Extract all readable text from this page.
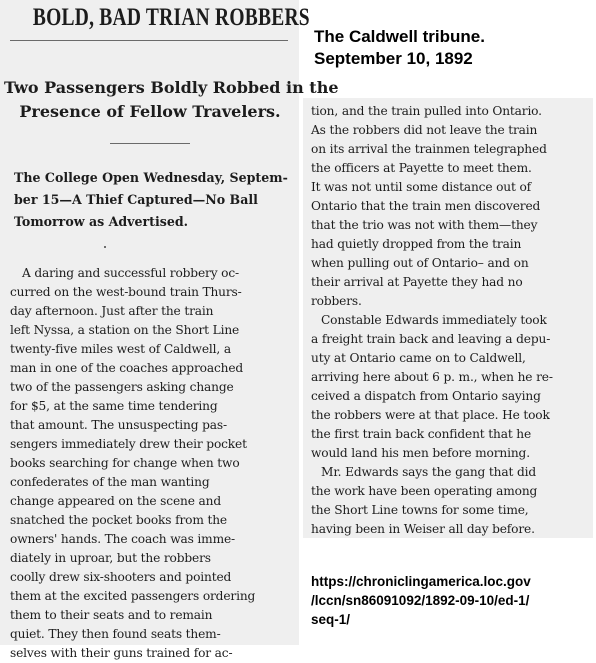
BOLD, BAD TRIAN ROBBERS
Two Passengers Boldly Robbed in the
Presence of Fellow Travelers.
The College Open Wednesday, Septem-
ber 15—A Thief Captured—No Ball
Tomorrow as Advertised.
A daring and successful robbery oc-
curred on the west-bound train Thurs-
day afternoon. Just after the train
left Nyssa, a station on the Short Line
twenty-five miles west of Caldwell, a
man in one of the coaches approached
two of the passengers asking change
for $5, at the same time tendering
that amount. The unsuspecting pas-
sengers immediately drew their pocket
books searching for change when two
confederates of the man wanting
change appeared on the scene and
snatched the pocket books from the
owners' hands. The coach was imme-
diately in uproar, but the robbers
coolly drew six-shooters and pointed
them at the excited passengers ordering
them to their seats and to remain
quiet. They then found seats them-
selves with their guns trained for ac-
tion, and the train pulled into Ontario.
As the robbers did not leave the train
on its arrival the trainmen telegraphed
the officers at Payette to meet them.
It was not until some distance out of
Ontario that the train men discovered
that the trio was not with them—they
had quietly dropped from the train
when pulling out of Ontario– and on
their arrival at Payette they had no
robbers.
Constable Edwards immediately took
a freight train back and leaving a depu-
uty at Ontario came on to Caldwell,
arriving here about 6 p. m., when he re-
ceived a dispatch from Ontario saying
the robbers were at that place. He took
the first train back confident that he
would land his men before morning.
Mr. Edwards says the gang that did
the work have been operating among
the Short Line towns for some time,
having been in Weiser all day before.
The Caldwell tribune.
September 10, 1892
https://chroniclingamerica.loc.gov
/lccn/sn86091092/1892-09-10/ed-1/
seq-1/
